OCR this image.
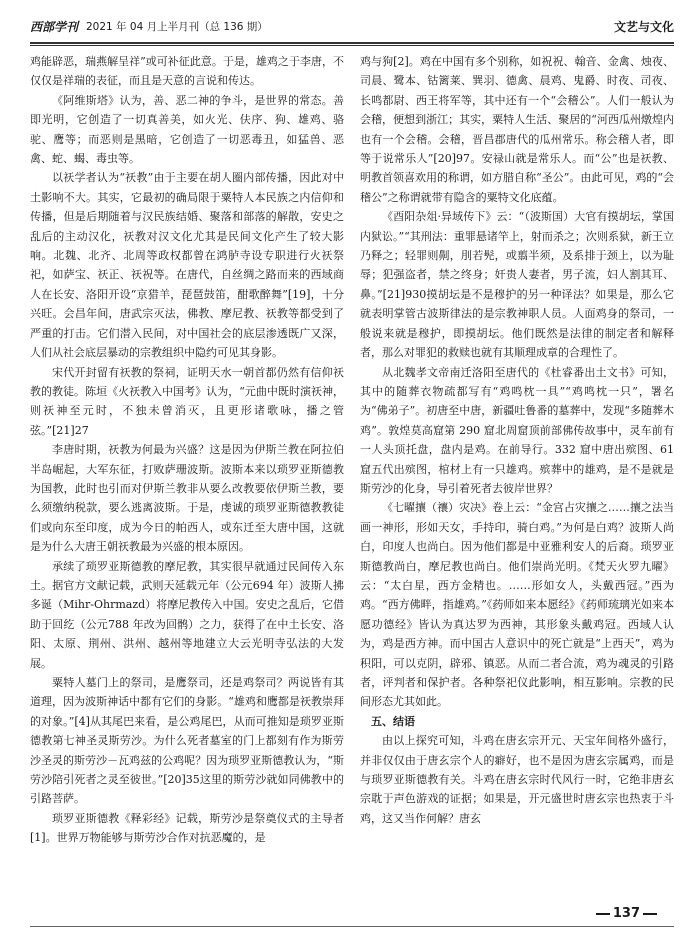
西部学刊 2021 年 04 月上半月刊（总 136 期）	文艺与文化

鸡能辟恶，瑞燕解呈祥”或可补征此意。于是，雄鸡之于李唐，不仅仅是祥瑞的表征，而且是天意的言说和传达。

《阿维斯塔》认为，善、恶二神的争斗，是世界的常态。善即光明，它创造了一切真善美，如火光、伕序、狗、雄鸡、骆驼、鹰等；而恶则是黑暗，它创造了一切恶毒丑，如猛兽、恶禽、蛇、蝎、毒虫等。

以祆学者认为“祆教”由于主要在胡人圈内部传播，因此对中土影响不大。其实，它最初的确局限于粟特人本民族之内信仰和传播，但是后期随着与汉民族结婚、聚落和部落的解散，安史之乱后的主动汉化，祆教对汉文化尤其是民间文化产生了较大影响。北魏、北齐、北周等政权都曾在鸿胪寺设专职进行火祆祭祀，如萨宝、祆正、祆祝等。在唐代，自丝绸之路而来的西域商人在长安、洛阳开设“京猎羊，琵琶鼓笛，酣歌醉舞”[19]，十分兴旺。会昌年间，唐武宗灭法，佛教、摩尼教、祆教等都受到了严重的打击。它们潜入民间，对中国社会的底层渗透既广又深，人们从社会底层暴动的宗教组织中隐约可见其身影。

宋代开封留有祆教的祭祠，证明天水一朝首都仍然有信仰祆教的教徒。陈垣《火祆教入中国考》认为，“元曲中既时演祆神，则祆神至元时，不独未曾消灭，且更形诸歌咏，播之管弦。”[21]27

李唐时期，祆教为何最为兴盛？这是因为伊斯兰教在阿拉伯半岛崛起，大军东征，打败萨珊波斯。波斯本来以琐罗亚斯德教为国教，此时也引而对伊斯兰教非从要么改教要依伊斯兰教，要么须缴纳税款，要么逃离波斯。于是，虔诚的琐罗亚斯德教教徒们或向东至印度，成为今日的帕西人，或东迁至大唐中国，这就是为什么大唐王朝祆教最为兴盛的根本原因。

承续了琐罗亚斯德教的摩尼教，其实很早就通过民间传入东土。据官方文献记载，武则天延载元年（公元694 年）波斯人拂多诞（Mihr-Ohrmazd）将摩尼教传入中国。安史之乱后，它借助于回纥（公元788 年改为回鹘）之力，获得了在中土长安、洛阳、太原、荆州、洪州、越州等地建立大云光明寺弘法的大发展。

粟特人墓门上的祭司，是鹰祭司，还是鸡祭司？两说皆有其道理，因为波斯神话中都有它们的身影。“雄鸡和鹰都是祆教崇拜的对象。”[4]从其尾巴来看，是公鸡尾巴，从而可推知是琐罗亚斯德教第七神圣灵斯劳沙。为什么死者墓室的门上都刻有作为斯劳沙圣灵的斯劳沙－瓦鸡兹的公鸡呢？因为琐罗亚斯德教认为，“斯劳沙陪引死者之灵至彼世。”[20]35这里的斯劳沙就如同佛教中的引路菩萨。

琐罗亚斯德教《释彩经》记载，斯劳沙是祭奠仪式的主导者[1]。世界万物能够与斯劳沙合作对抗恶魔的，是

鸡与狗[2]。鸡在中国有多个别称，如祝祝、翰音、金禽、烛夜、司晨、鹭本、钴篱莱、巽羽、德禽、晨鸡、鬼爵、时夜、司夜、长鸣都尉、西王将军等，其中还有一个“会稽公”。人们一般认为会稽，便想到浙江；其实，粟特人生活、聚居的“河西瓜州燉煌内也有一个会稽。会稽，晋昌郡唐代的瓜州常乐。称会稽人者，即等于说常乐人”[20]97。安禄山就是常乐人。而“公”也是祆教、明教首领喜欢用的称谓，如方腊自称“圣公”。由此可见，鸡的“会稽公”之称谓就带有隐含的粟特文化底蕴。

《酉阳杂俎·异域传下》云：“（波斯国）大官有摸胡坛，掌国内狱讼。”“其刑法：重罪悬诸竿上，射而杀之；次则系狱，新王立乃释之；轻罪则劓，刖若髡，或翦半须，及系排于颈上，以为耻辱；犯强盗者，禁之终身；奸贵人妻者，男子流，妇人割其耳、鼻。”[21]930摸胡坛是不是穆护的另一种译法？如果是，那么它就表明掌管古波斯律法的是宗教神职人员。人面鸡身的祭司，一般说来就是穆护，即摸胡坛。他们既然是法律的制定者和解释者，那么对罪犯的救赎也就有其顺理成章的合理性了。

从北魏孝文帝南迁洛阳至唐代的《杜睿番出土文书》可知，其中的随葬衣物疏都写有“鸡鸣枕一具”“鸡鸣枕一只”，署名为“佛弟子”。初唐至中唐，新疆吐鲁番的墓葬中，发现“多随葬木鸡”。敦煌莫高窟第 290 窟北周窟顶前部佛传故事中，灵车前有一人头顶托盘，盘内是鸡。在前导行。332 窟中唐出殡图、61 窟五代出殡图，棺材上有一只雄鸡。殡葬中的雄鸡，是不是就是斯劳沙的化身，导引着死者去彼岸世界？

《七曜攘（禳）灾决》卷上云：“金宫占灾攘之……攘之法当画一神形，形如天女，手持印，骑白鸡。”为何是白鸡？波斯人尚白，印度人也尚白。因为他们都是中亚雅利安人的后裔。琐罗亚斯德教尚白，摩尼教也尚白。他们崇尚光明。《梵天火罗九曜》云：“太白星，西方金精也。……形如女人，头戴西冠。”西为鸡。“西方佛畔，指雄鸡。”《药师如来本愿经》《药师琉璃光如来本愿功德经》皆认为真达罗为西神，其形象头戴鸡冠。西域人认为，鸡是西方神。而中国古人意识中的死亡就是“上西天”，鸡为积阳，可以克阴，辟邪、镇恶。从而二者合流，鸡为魂灵的引路者，评判者和保护者。各种祭祀仪此影响，相互影响。宗教的民间形态尤其如此。

五、结语

由以上探究可知，斗鸡在唐玄宗开元、天宝年间格外盛行，并非仅仅由于唐玄宗个人的癖好，也不是因为唐玄宗属鸡，而是与琐罗亚斯德教有关。斗鸡在唐玄宗时代风行一时，它绝非唐玄宗耽于声色游戏的证据；如果是，开元盛世时唐玄宗也热衷于斗鸡，这又当作何解？唐玄

137
